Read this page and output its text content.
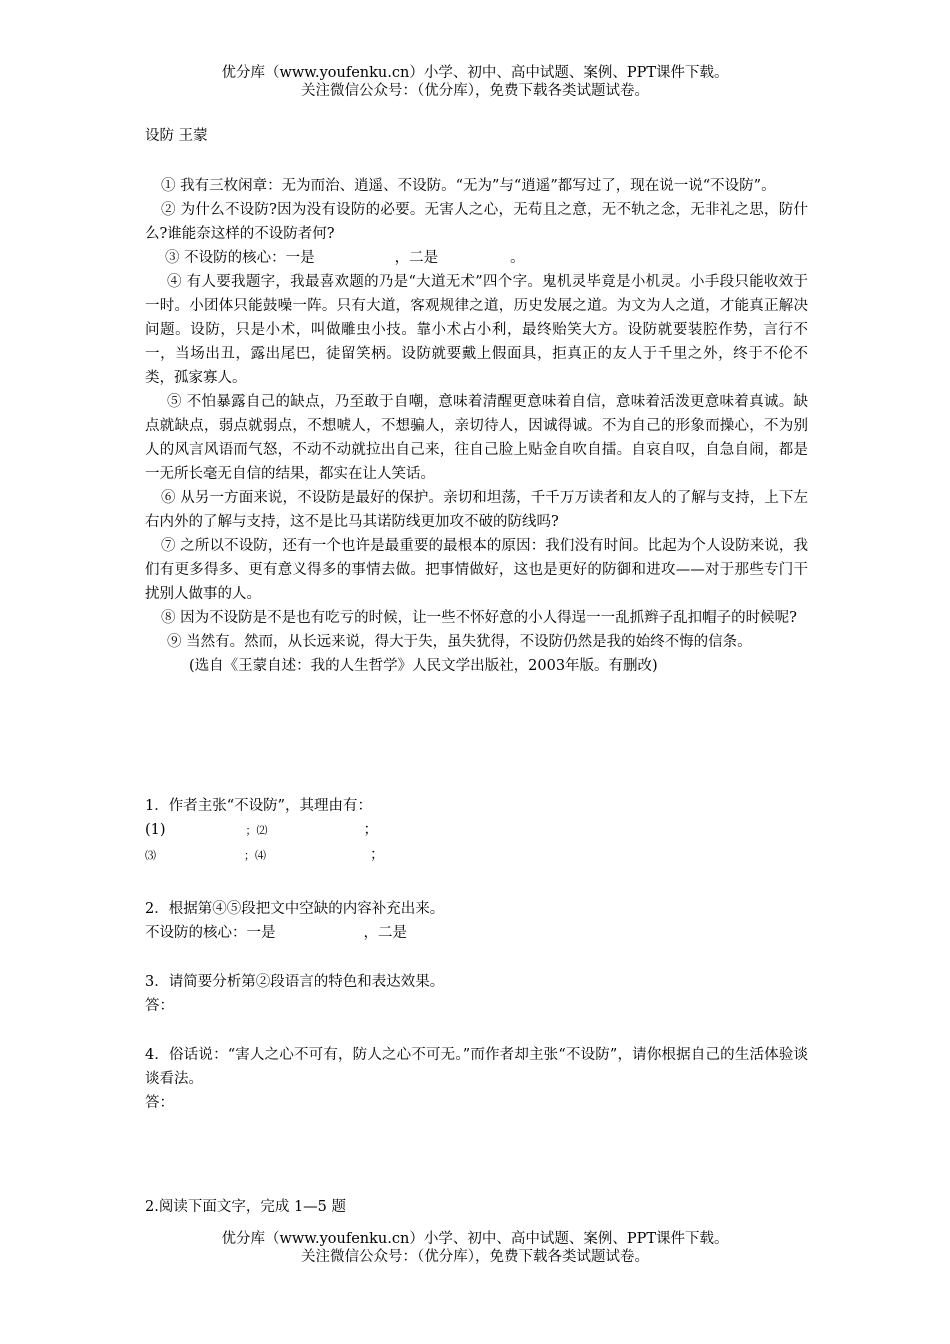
优分库（www.youfenku.cn）小学、初中、高中试题、案例、PPT课件下载。
关注微信公众号：（优分库），免费下载各类试题试卷。
设防 王蒙
① 我有三枚闲章：无为而治、逍遥、不设防。“无为”与“逍遥”都写过了，现在说一说“不设防”。
② 为什么不设防?因为没有设防的必要。无害人之心，无苟且之意，无不轨之念，无非礼之思，防什么?谁能奈这样的不设防者何?
③ 不设防的核心：一是	，二是	。
④ 有人要我题字，我最喜欢题的乃是“大道无术”四个字。鬼机灵毕竟是小机灵。小手段只能收效于一时。小团体只能鼓噪一阵。只有大道，客观规律之道，历史发展之道。为文为人之道，才能真正解决问题。设防，只是小术，叫做雕虫小技。靠小术占小利，最终贻笑大方。设防就要装腔作势，言行不一，当场出丑，露出尾巴，徒留笑柄。设防就要戴上假面具，拒真正的友人于千里之外，终于不伦不类，孤家寡人。
⑤ 不怕暴露自己的缺点，乃至敢于自嘲，意味着清醒更意味着自信，意味着活泼更意味着真诚。缺点就缺点，弱点就弱点，不想唬人，不想骗人，亲切待人，因诚得诚。不为自己的形象而操心，不为别人的风言风语而气怒，不动不动就拉出自己来，往自己脸上贴金自吹自擂。自哀自叹，自急自闹，都是一无所长毫无自信的结果，都实在让人笑话。
⑥ 从另一方面来说，不设防是最好的保护。亲切和坦荡，千千万万读者和友人的了解与支持，上下左右内外的了解与支持，这不是比马其诺防线更加攻不破的防线吗?
⑦ 之所以不设防，还有一个也许是最重要的最根本的原因：我们没有时间。比起为个人设防来说，我们有更多得多、更有意义得多的事情去做。把事情做好，这也是更好的防御和进攻——对于那些专门干扰别人做事的人。
⑧ 因为不设防是不是也有吃亏的时候，让一些不怀好意的小人得逞一一乱抓辫子乱扣帽子的时候呢?
⑨ 当然有。然而，从长远来说，得大于失，虽失犹得，不设防仍然是我的始终不悔的信条。
(选自《王蒙自述：我的人生哲学》人民文学出版社，2003年版。有删改)
1．作者主张“不设防”，其理由有：
(1)	；⑵	；
⑶	；⑷	；
2．根据第④⑤段把文中空缺的内容补充出来。
不设防的核心：一是	，二是
3．请简要分析第②段语言的特色和表达效果。
答：
4．俗话说：“害人之心不可有，防人之心不可无。”而作者却主张“不设防”，请你根据自己的生活体验谈谈看法。
答：
2.阅读下面文字，完成 1—5 题
优分库（www.youfenku.cn）小学、初中、高中试题、案例、PPT课件下载。
关注微信公众号：（优分库），免费下载各类试题试卷。
